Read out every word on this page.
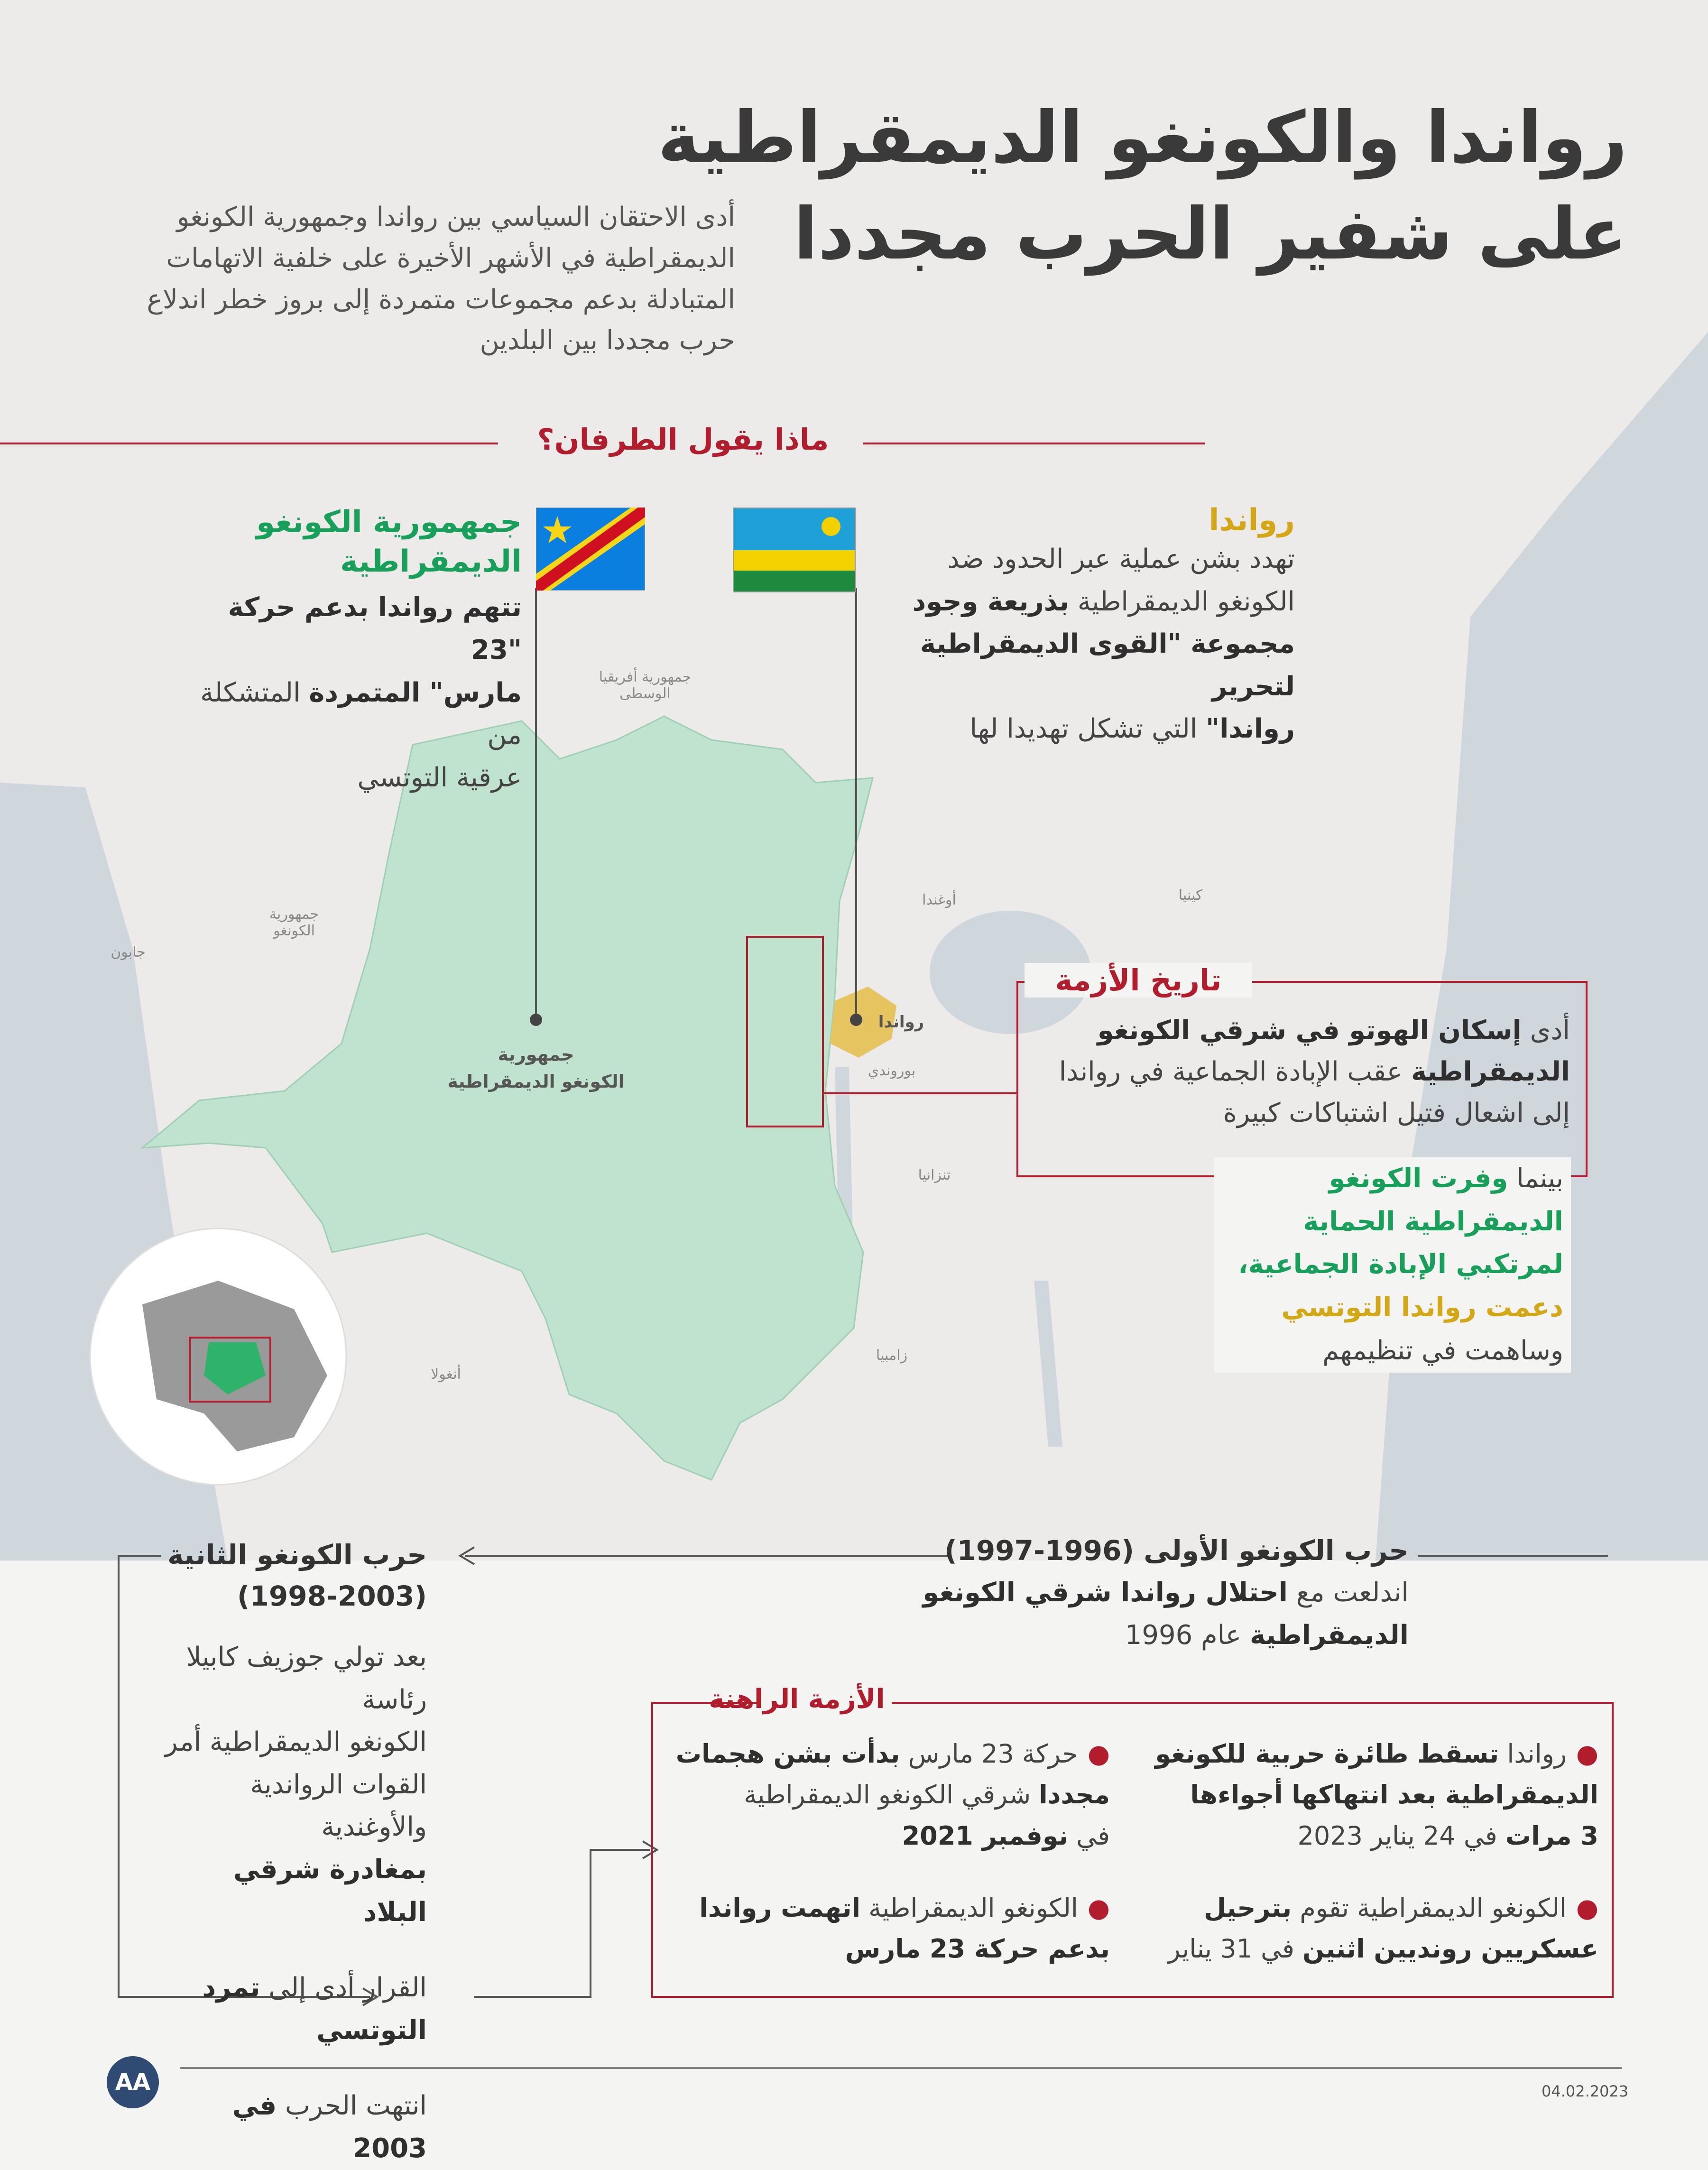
رواندا والكونغو الديمقراطية
على شفير الحرب مجددا
أدى الاحتقان السياسي بين رواندا وجمهورية الكونغو الديمقراطية في الأشهر الأخيرة على خلفية الاتهامات المتبادلة بدعم مجموعات متمردة إلى بروز خطر اندلاع حرب مجددا بين البلدين
ماذا يقول الطرفان؟
رواندا
تهدد بشن عملية عبر الحدود ضد
الكونغو الديمقراطية بذريعة وجود
مجموعة "القوى الديمقراطية لتحرير
رواندا" التي تشكل تهديدا لها
جمهمورية الكونغو
الديمقراطية
تتهم رواندا بدعم حركة "23
مارس" المتمردة المتشكلة من
عرقية التوتسي
جمهورية أفريقيا الوسطى
أوغندا	كينيا
رواندا
بوروندي
تنزانيا
زامبيا
أنغولا
جابون
جمهورية الكونغو
جمهورية
الكونغو الديمقراطية
تاريخ الأزمة
أدى إسكان الهوتو في شرقي الكونغو
الديمقراطية عقب الإبادة الجماعية في رواندا
إلى اشعال فتيل اشتباكات كبيرة
بينما وفرت الكونغو
الديمقراطية الحماية
لمرتكبي الإبادة الجماعية،
دعمت رواندا التوتسي
وساهمت في تنظيمهم
حرب الكونغو الأولى (1996-1997)
اندلعت مع احتلال رواندا شرقي الكونغو
الديمقراطية عام 1996
حرب الكونغو الثانية
(1998-2003)
بعد تولي جوزيف كابيلا رئاسة
الكونغو الديمقراطية أمر
القوات الرواندية والأوغندية
بمغادرة شرقي البلاد
القرار أدى إلى تمرد التوتسي
انتهت الحرب في 2003
الأزمة الراهنة
●رواندا تسقط طائرة حربية للكونغو
الديمقراطية بعد انتهاكها أجواءها
3 مرات في 24 يناير 2023
●حركة 23 مارس بدأت بشن هجمات
مجددا شرقي الكونغو الديمقراطية
في نوفمبر 2021
●الكونغو الديمقراطية تقوم بترحيل
عسكريين رونديين اثنين في 31 يناير
●الكونغو الديمقراطية اتهمت رواندا
بدعم حركة 23 مارس
AA	04.02.2023
